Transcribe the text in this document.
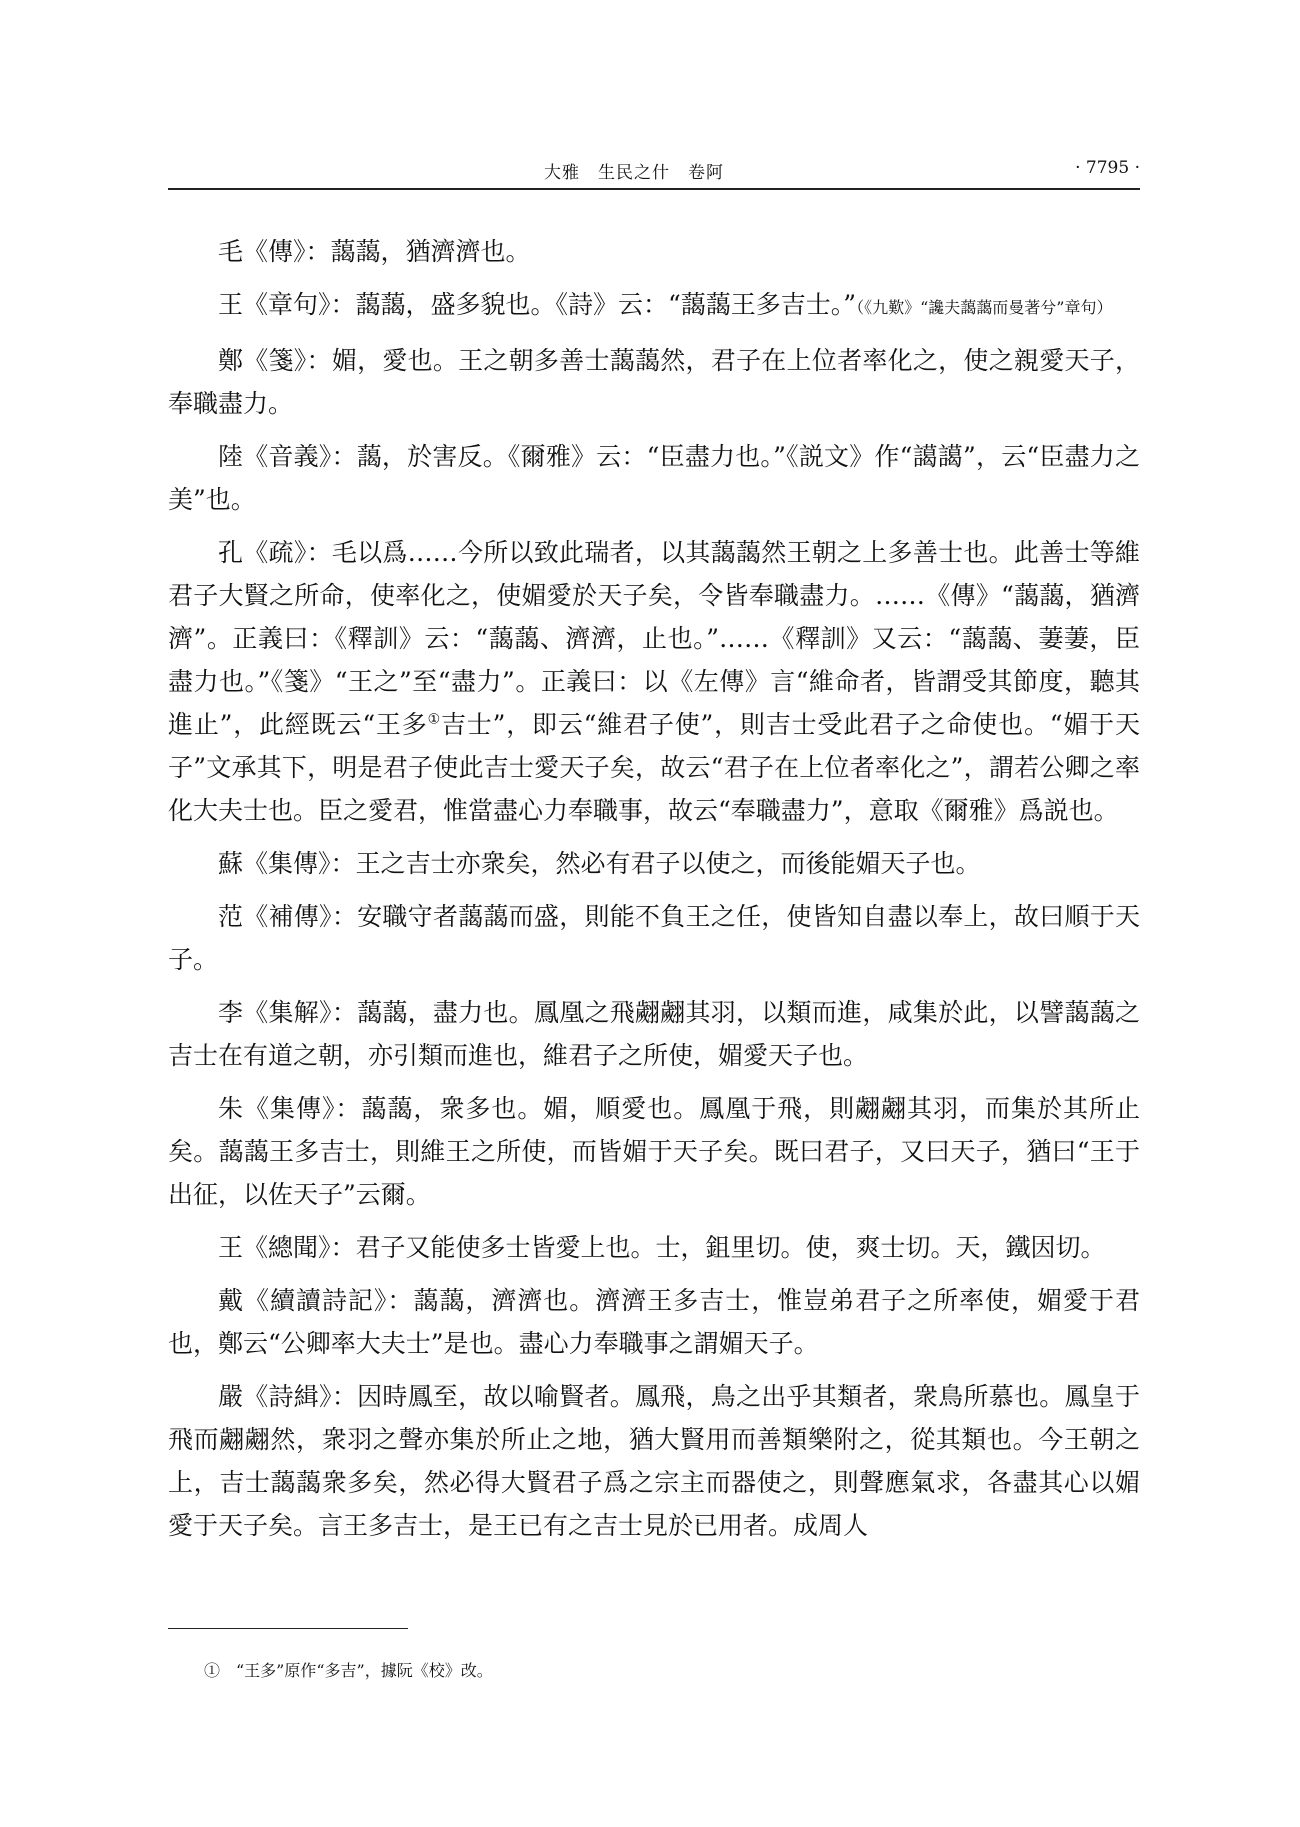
大雅　生民之什　卷阿	· 7795 ·

毛《傳》：藹藹，猶濟濟也。

王《章句》：藹藹，盛多貌也。《詩》云：“藹藹王多吉士。”（《九歎》“讒夫藹藹而曼著兮”章句）

鄭《箋》：媚，愛也。王之朝多善士藹藹然，君子在上位者率化之，使之親愛天子，奉職盡力。

陸《音義》：藹，於害反。《爾雅》云：“臣盡力也。”《説文》作“譪譪”，云“臣盡力之美”也。

孔《疏》：毛以爲……今所以致此瑞者，以其藹藹然王朝之上多善士也。此善士等維君子大賢之所命，使率化之，使媚愛於天子矣，令皆奉職盡力。……《傳》“藹藹，猶濟濟”。正義曰：《釋訓》云：“藹藹、濟濟，止也。”……《釋訓》又云：“藹藹、萋萋，臣盡力也。”《箋》“王之”至“盡力”。正義曰：以《左傳》言“維命者，皆謂受其節度，聽其進止”，此經既云“王多①吉士”，即云“維君子使”，則吉士受此君子之命使也。“媚于天子”文承其下，明是君子使此吉士愛天子矣，故云“君子在上位者率化之”，謂若公卿之率化大夫士也。臣之愛君，惟當盡心力奉職事，故云“奉職盡力”，意取《爾雅》爲説也。

蘇《集傳》：王之吉士亦衆矣，然必有君子以使之，而後能媚天子也。

范《補傳》：安職守者藹藹而盛，則能不負王之任，使皆知自盡以奉上，故曰順于天子。

李《集解》：藹藹，盡力也。鳳凰之飛翽翽其羽，以類而進，咸集於此，以譬藹藹之吉士在有道之朝，亦引類而進也，維君子之所使，媚愛天子也。

朱《集傳》：藹藹，衆多也。媚，順愛也。鳳凰于飛，則翽翽其羽，而集於其所止矣。藹藹王多吉士，則維王之所使，而皆媚于天子矣。既曰君子，又曰天子，猶曰“王于出征，以佐天子”云爾。

王《總聞》：君子又能使多士皆愛上也。士，鉏里切。使，爽士切。天，鐵因切。

戴《續讀詩記》：藹藹，濟濟也。濟濟王多吉士，惟豈弟君子之所率使，媚愛于君也，鄭云“公卿率大夫士”是也。盡心力奉職事之謂媚天子。

嚴《詩緝》：因時鳳至，故以喻賢者。鳳飛，鳥之出乎其類者，衆鳥所慕也。鳳皇于飛而翽翽然，衆羽之聲亦集於所止之地，猶大賢用而善類樂附之，從其類也。今王朝之上，吉士藹藹衆多矣，然必得大賢君子爲之宗主而器使之，則聲應氣求，各盡其心以媚愛于天子矣。言王多吉士，是王已有之吉士見於已用者。成周人

①　“王多”原作“多吉”，據阮《校》改。
